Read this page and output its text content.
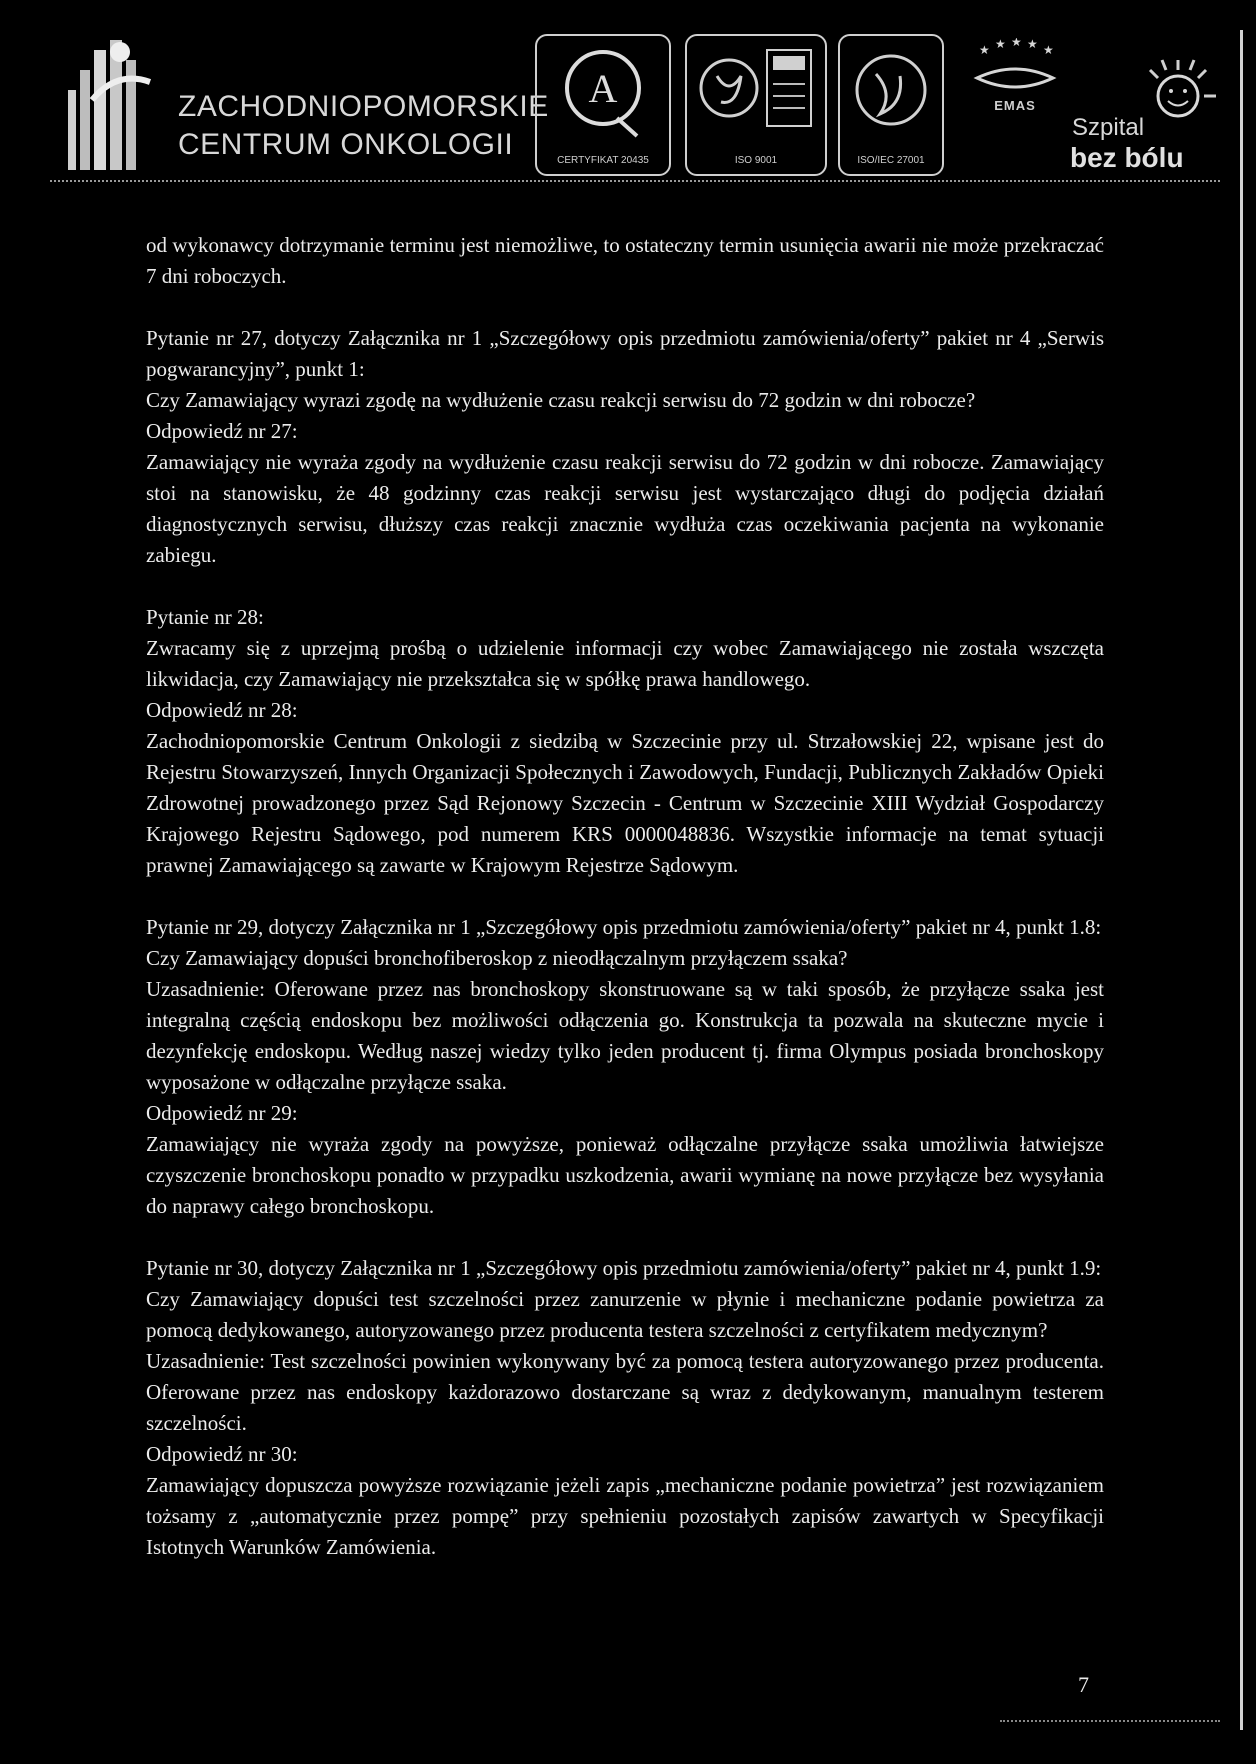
ZACHODNIOPOMORSKIE
CENTRUM ONKOLOGII
A
CERTYFIKAT 20435	ISO 9001	ISO/IEC 27001
★ ★ ★ ★ ★
EMAS
Szpital
bez bólu

od wykonawcy dotrzymanie terminu jest niemożliwe, to ostateczny termin usunięcia awarii nie może przekraczać 7 dni roboczych.

Pytanie nr 27, dotyczy Załącznika nr 1 „Szczegółowy opis przedmiotu zamówienia/oferty” pakiet nr 4 „Serwis pogwarancyjny”, punkt 1:

Czy Zamawiający wyrazi zgodę na wydłużenie czasu reakcji serwisu do 72 godzin w dni robocze?

Odpowiedź nr 27:

Zamawiający nie wyraża zgody na wydłużenie czasu reakcji serwisu do 72 godzin w dni robocze. Zamawiający stoi na stanowisku, że 48 godzinny czas reakcji serwisu jest wystarczająco długi do podjęcia działań diagnostycznych serwisu, dłuższy czas reakcji znacznie wydłuża czas oczekiwania pacjenta na wykonanie zabiegu.

Pytanie nr 28:

Zwracamy się z uprzejmą prośbą o udzielenie informacji czy wobec Zamawiającego nie została wszczęta likwidacja, czy Zamawiający nie przekształca się w spółkę prawa handlowego.

Odpowiedź nr 28:

Zachodniopomorskie Centrum Onkologii z siedzibą w Szczecinie przy ul. Strzałowskiej 22, wpisane jest do Rejestru Stowarzyszeń, Innych Organizacji Społecznych i Zawodowych, Fundacji, Publicznych Zakładów Opieki Zdrowotnej prowadzonego przez Sąd Rejonowy Szczecin - Centrum w Szczecinie XIII Wydział Gospodarczy Krajowego Rejestru Sądowego, pod numerem KRS 0000048836. Wszystkie informacje na temat sytuacji prawnej Zamawiającego są zawarte w Krajowym Rejestrze Sądowym.

Pytanie nr 29, dotyczy Załącznika nr 1 „Szczegółowy opis przedmiotu zamówienia/oferty” pakiet nr 4, punkt 1.8:

Czy Zamawiający dopuści bronchofiberoskop z nieodłączalnym przyłączem ssaka?

Uzasadnienie: Oferowane przez nas bronchoskopy skonstruowane są w taki sposób, że przyłącze ssaka jest integralną częścią endoskopu bez możliwości odłączenia go. Konstrukcja ta pozwala na skuteczne mycie i dezynfekcję endoskopu. Według naszej wiedzy tylko jeden producent tj. firma Olympus posiada bronchoskopy wyposażone w odłączalne przyłącze ssaka.

Odpowiedź nr 29:

Zamawiający nie wyraża zgody na powyższe, ponieważ odłączalne przyłącze ssaka umożliwia łatwiejsze czyszczenie bronchoskopu ponadto w przypadku uszkodzenia, awarii wymianę na nowe przyłącze bez wysyłania do naprawy całego bronchoskopu.

Pytanie nr 30, dotyczy Załącznika nr 1 „Szczegółowy opis przedmiotu zamówienia/oferty” pakiet nr 4, punkt 1.9:

Czy Zamawiający dopuści test szczelności przez zanurzenie w płynie i mechaniczne podanie powietrza za pomocą dedykowanego, autoryzowanego przez producenta testera szczelności z certyfikatem medycznym?

Uzasadnienie: Test szczelności powinien wykonywany być za pomocą testera autoryzowanego przez producenta. Oferowane przez nas endoskopy każdorazowo dostarczane są wraz z dedykowanym, manualnym testerem szczelności.

Odpowiedź nr 30:

Zamawiający dopuszcza powyższe rozwiązanie jeżeli zapis „mechaniczne podanie powietrza” jest rozwiązaniem tożsamy z „automatycznie przez pompę” przy spełnieniu pozostałych zapisów zawartych w Specyfikacji Istotnych Warunków Zamówienia.

7
